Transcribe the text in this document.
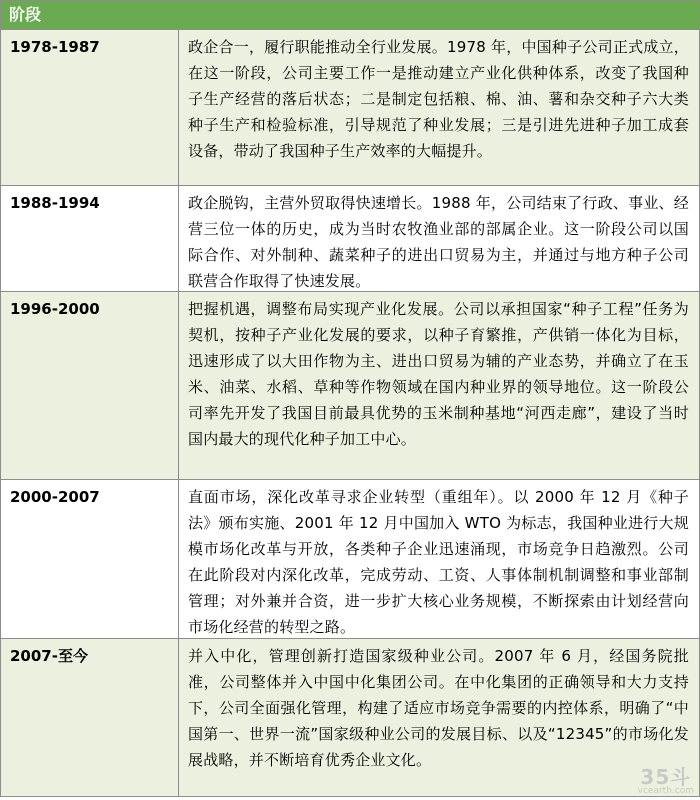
阶段
1978-1987	政企合一，履行职能推动全行业发展。1978 年，中国种子公司正式成立，在这一阶段，公司主要工作一是推动建立产业化供种体系，改变了我国种子生产经营的落后状态；二是制定包括粮、棉、油、薯和杂交种子六大类种子生产和检验标准，引导规范了种业发展；三是引进先进种子加工成套设备，带动了我国种子生产效率的大幅提升。
1988-1994	政企脱钩，主营外贸取得快速增长。1988 年，公司结束了行政、事业、经营三位一体的历史，成为当时农牧渔业部的部属企业。这一阶段公司以国际合作、对外制种、蔬菜种子的进出口贸易为主，并通过与地方种子公司联营合作取得了快速发展。
1996-2000	把握机遇，调整布局实现产业化发展。公司以承担国家“种子工程”任务为契机，按种子产业化发展的要求，以种子育繁推，产供销一体化为目标，迅速形成了以大田作物为主、进出口贸易为辅的产业态势，并确立了在玉米、油菜、水稻、草种等作物领域在国内种业界的领导地位。这一阶段公司率先开发了我国目前最具优势的玉米制种基地“河西走廊”，建设了当时国内最大的现代化种子加工中心。
2000-2007	直面市场，深化改革寻求企业转型（重组年）。以 2000 年 12 月《种子法》颁布实施、2001 年 12 月中国加入 WTO 为标志，我国种业进行大规模市场化改革与开放，各类种子企业迅速涌现，市场竞争日趋激烈。公司在此阶段对内深化改革，完成劳动、工资、人事体制机制调整和事业部制管理；对外兼并合资，进一步扩大核心业务规模，不断探索由计划经营向市场化经营的转型之路。
2007-至今	并入中化，管理创新打造国家级种业公司。2007 年 6 月，经国务院批准，公司整体并入中国中化集团公司。在中化集团的正确领导和大力支持下，公司全面强化管理，构建了适应市场竞争需要的内控体系，明确了“中国第一、世界一流”国家级种业公司的发展目标、以及“12345”的市场化发展战略，并不断培育优秀企业文化。
35斗
vcearth.com
